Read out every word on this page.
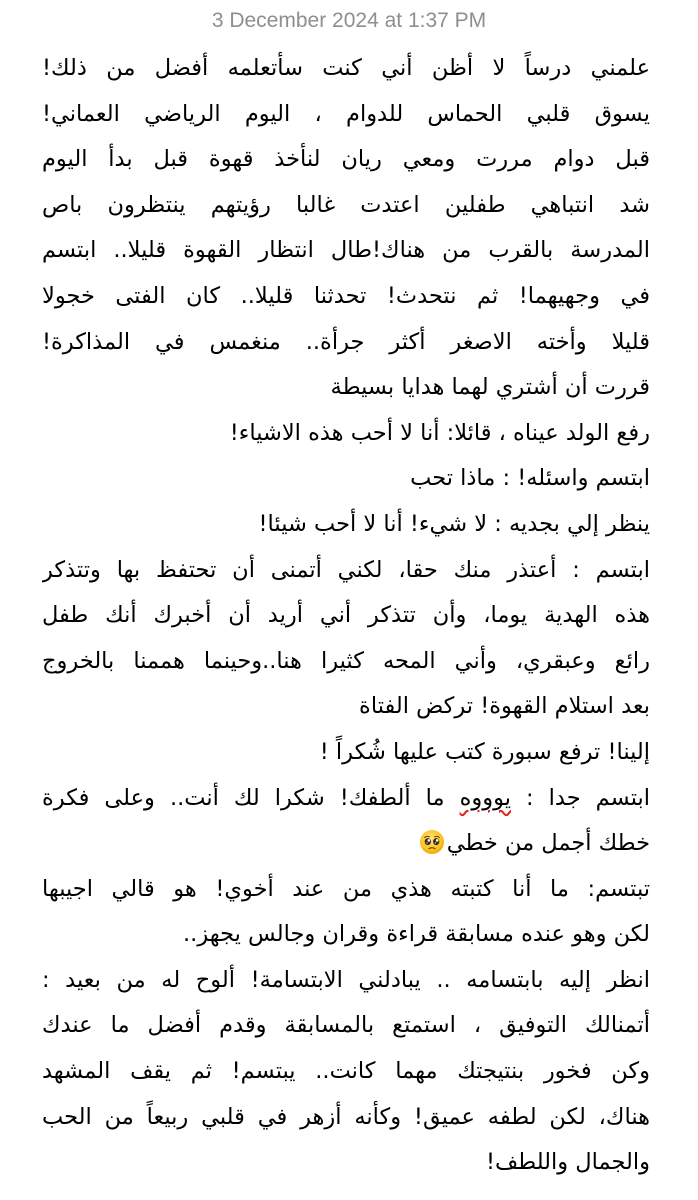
3 December 2024 at 1:37 PM
علمني درساً لا أظن أني كنت سأتعلمه أفضل من ذلك!
يسوق قلبي الحماس للدوام ، اليوم الرياضي العماني!
قبل دوام مررت ومعي ريان لنأخذ قهوة قبل بدأ اليوم
شد انتباهي طفلين اعتدت غالبا رؤيتهم ينتظرون باص
المدرسة بالقرب من هناك!طال انتظار القهوة قليلا.. ابتسم
في وجهيهما! ثم نتحدث! تحدثنا قليلا.. كان الفتى خجولا
قليلا وأخته الاصغر أكثر جرأة.. منغمس في المذاكرة!
قررت أن أشتري لهما هدايا بسيطة
رفع الولد عيناه ، قائلا: أنا لا أحب هذه الاشياء!
ابتسم واسئله! : ماذا تحب
ينظر إلي بجديه : لا شيء! أنا لا أحب شيئا!
ابتسم : أعتذر منك حقا، لكني أتمنى أن تحتفظ بها وتتذكر
هذه الهدية يوما، وأن تتذكر أني أريد أن أخبرك أنك طفل
رائع وعبقري، وأني المحه كثيرا هنا..وحينما هممنا بالخروج
بعد استلام القهوة! تركض الفتاة
إلينا! ترفع سبورة كتب عليها شُكراً !
ابتسم جدا : يوووه ما ألطفك! شكرا لك أنت.. وعلى فكرة
خطك أجمل من خطي
تبتسم: ما أنا كتبته هذي من عند أخوي! هو قالي اجيبها
لكن وهو عنده مسابقة قراءة وقران وجالس يجهز..
انظر إليه بابتسامه .. يبادلني الابتسامة! ألوح له من بعيد :
أتمنالك التوفيق ، استمتع بالمسابقة وقدم أفضل ما عندك
وكن فخور بنتيجتك مهما كانت.. يبتسم! ثم يقف المشهد
هناك، لكن لطفه عميق! وكأنه أزهر في قلبي ربيعاً من الحب
والجمال واللطف!
